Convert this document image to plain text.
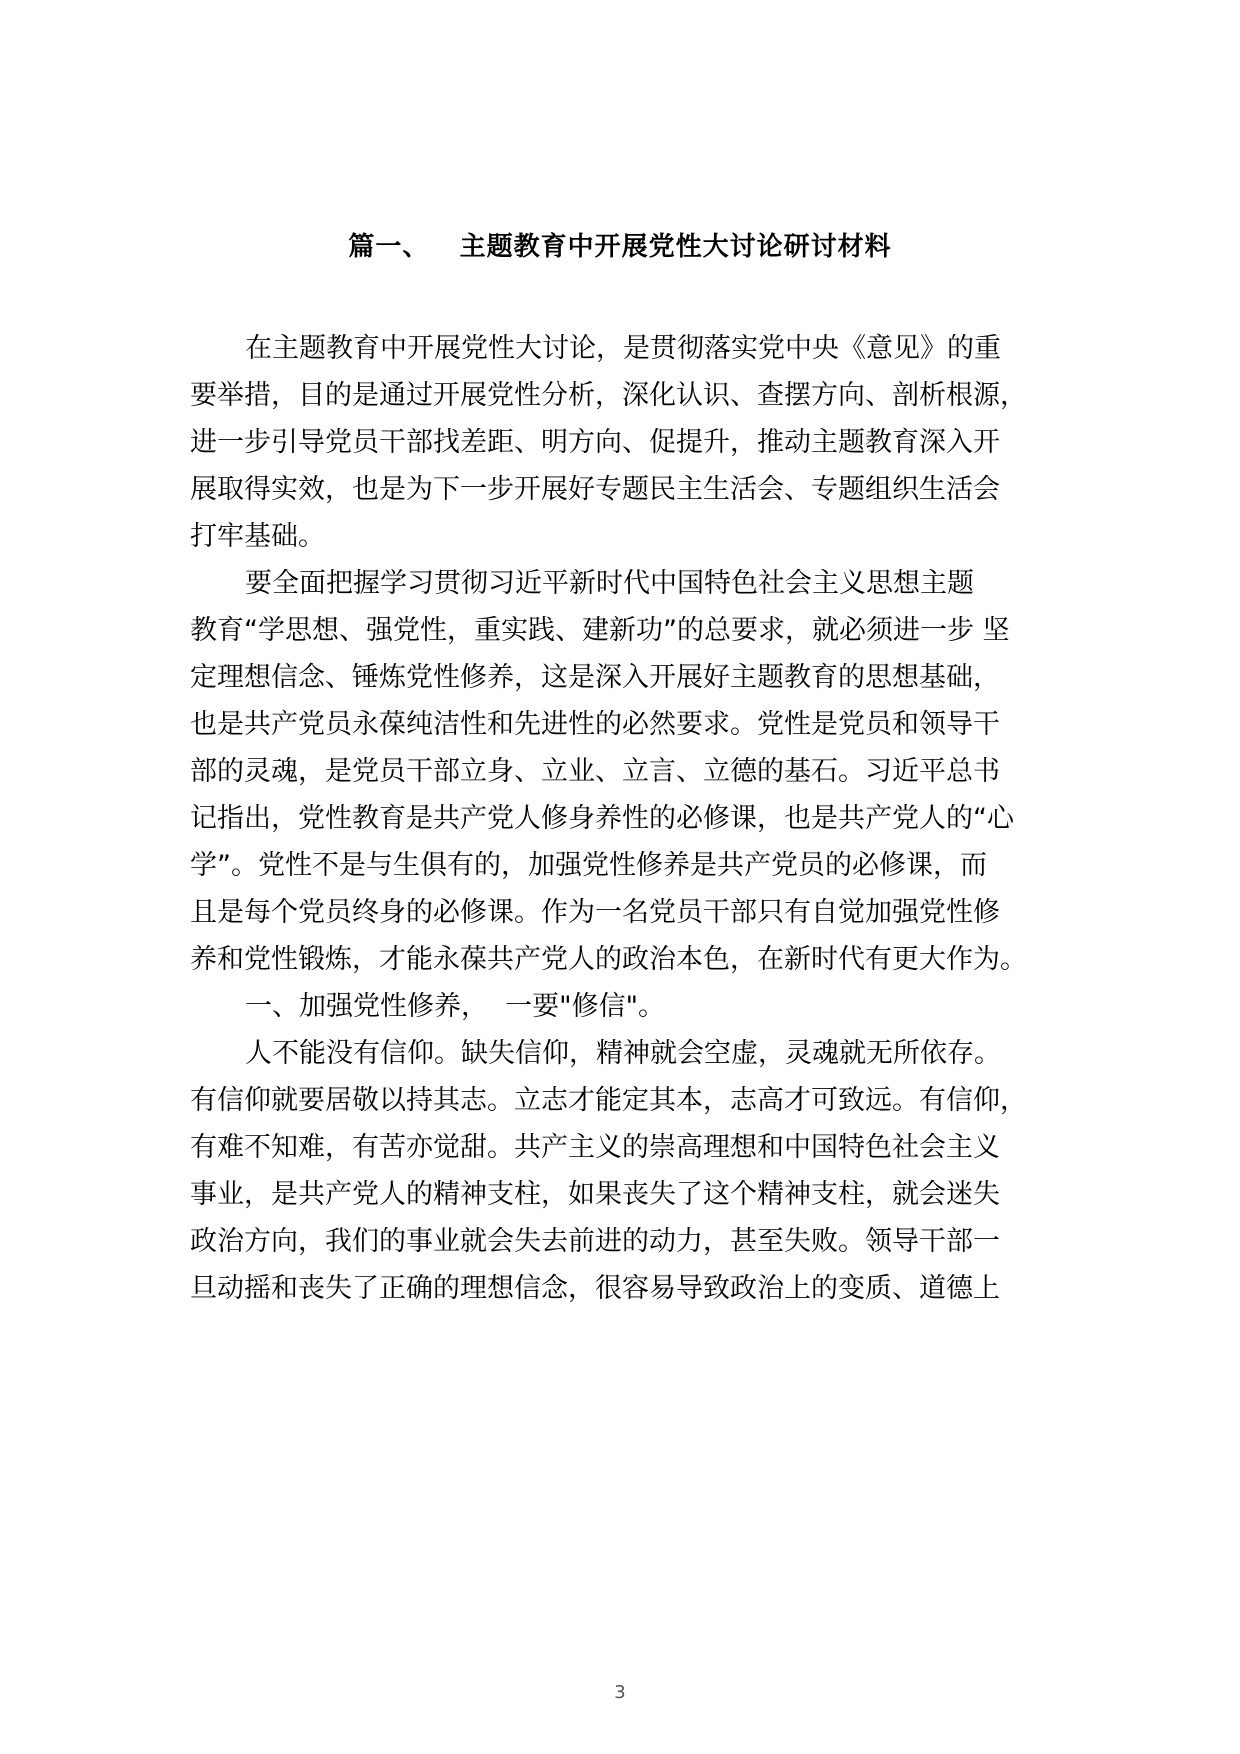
篇一、   主题教育中开展党性大讨论研讨材料
在主题教育中开展党性大讨论，是贯彻落实党中央《意见》的重
要举措，目的是通过开展党性分析，深化认识、查摆方向、剖析根源，
进一步引导党员干部找差距、明方向、促提升，推动主题教育深入开
展取得实效，也是为下一步开展好专题民主生活会、专题组织生活会
打牢基础。
要全面把握学习贯彻习近平新时代中国特色社会主义思想主题
教育“学思想、强党性，重实践、建新功”的总要求，就必须进一步 坚
定理想信念、锤炼党性修养，这是深入开展好主题教育的思想基础，
也是共产党员永葆纯洁性和先进性的必然要求。党性是党员和领导干
部的灵魂，是党员干部立身、立业、立言、立德的基石。习近平总书
记指出，党性教育是共产党人修身养性的必修课，也是共产党人的“心
学”。党性不是与生俱有的，加强党性修养是共产党员的必修课，而
且是每个党员终身的必修课。作为一名党员干部只有自觉加强党性修
养和党性锻炼，才能永葆共产党人的政治本色，在新时代有更大作为。
一、加强党性修养，  一要"修信"。
人不能没有信仰。缺失信仰，精神就会空虚，灵魂就无所依存。
有信仰就要居敬以持其志。立志才能定其本，志高才可致远。有信仰，
有难不知难，有苦亦觉甜。共产主义的崇高理想和中国特色社会主义
事业，是共产党人的精神支柱，如果丧失了这个精神支柱，就会迷失
政治方向，我们的事业就会失去前进的动力，甚至失败。领导干部一
旦动摇和丧失了正确的理想信念，很容易导致政治上的变质、道德上
3
